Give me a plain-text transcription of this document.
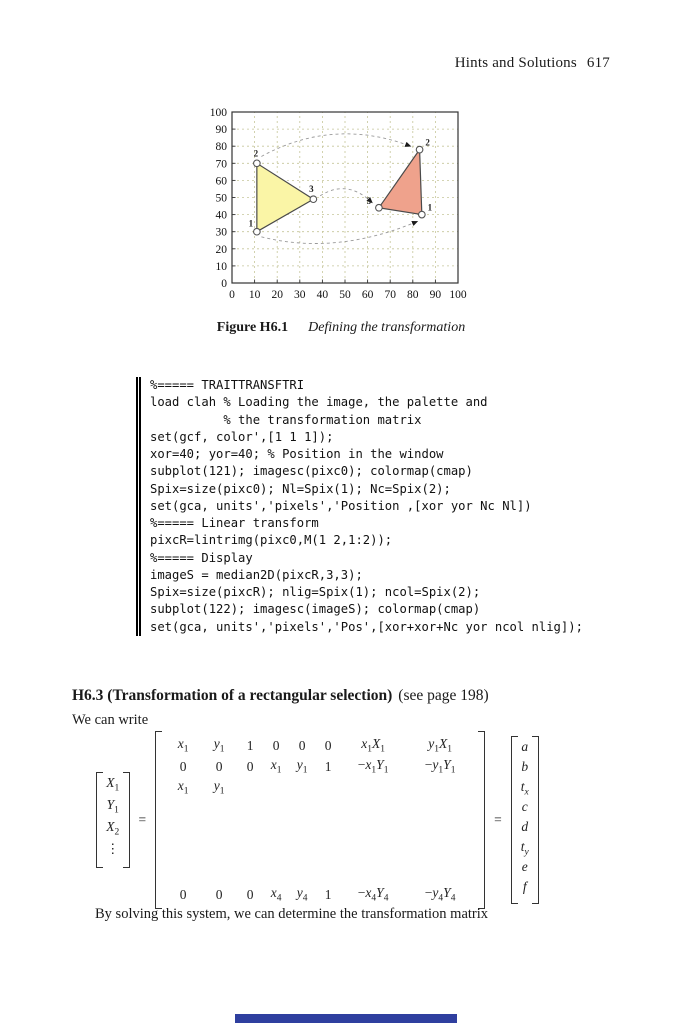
Hints and Solutions 617
0 10 20 30 40 50 60 70 80 90 100
0
10
20
30
40
50
60
70
80
90
100
1
2
3
1
2
3
Figure H6.1 Defining the transformation
%===== TRAITTRANSFTRI
load clah % Loading the image, the palette and
% the transformation matrix
set(gcf, color',[1 1 1]);
xor=40; yor=40; % Position in the window
subplot(121); imagesc(pixc0); colormap(cmap)
Spix=size(pixc0); Nl=Spix(1); Nc=Spix(2);
set(gca, units','pixels','Position ,[xor yor Nc Nl])
%===== Linear transform
pixcR=lintrimg(pixc0,M(1 2,1:2));
%===== Display
imageS = median2D(pixcR,3,3);
Spix=size(pixcR); nlig=Spix(1); ncol=Spix(2);
subplot(122); imagesc(imageS); colormap(cmap)
set(gca, units','pixels','Pos',[xor+xor+Nc yor ncol nlig]);
H6.3 (Transformation of a rectangular selection) (see page 198)
We can write
$X_1$
$Y_1$
$X_2$
⋮
=
$x_1$ $y_1$ 1 0 0 0 $x_1X_1$	$y_1X_1$
0 0 0 $x_1$ $y_1$ $1 -x_1Y_1$	$-y_1Y_1$
$x_1$ $y_1$
0 0 0 $x_4$ $y_4$ $1 -x_4Y_4$	$-y_4Y_4$
=
a
b
$t_x$
c
d
$t_y$
e
f
By solving this system, we can determine the transformation matrix
